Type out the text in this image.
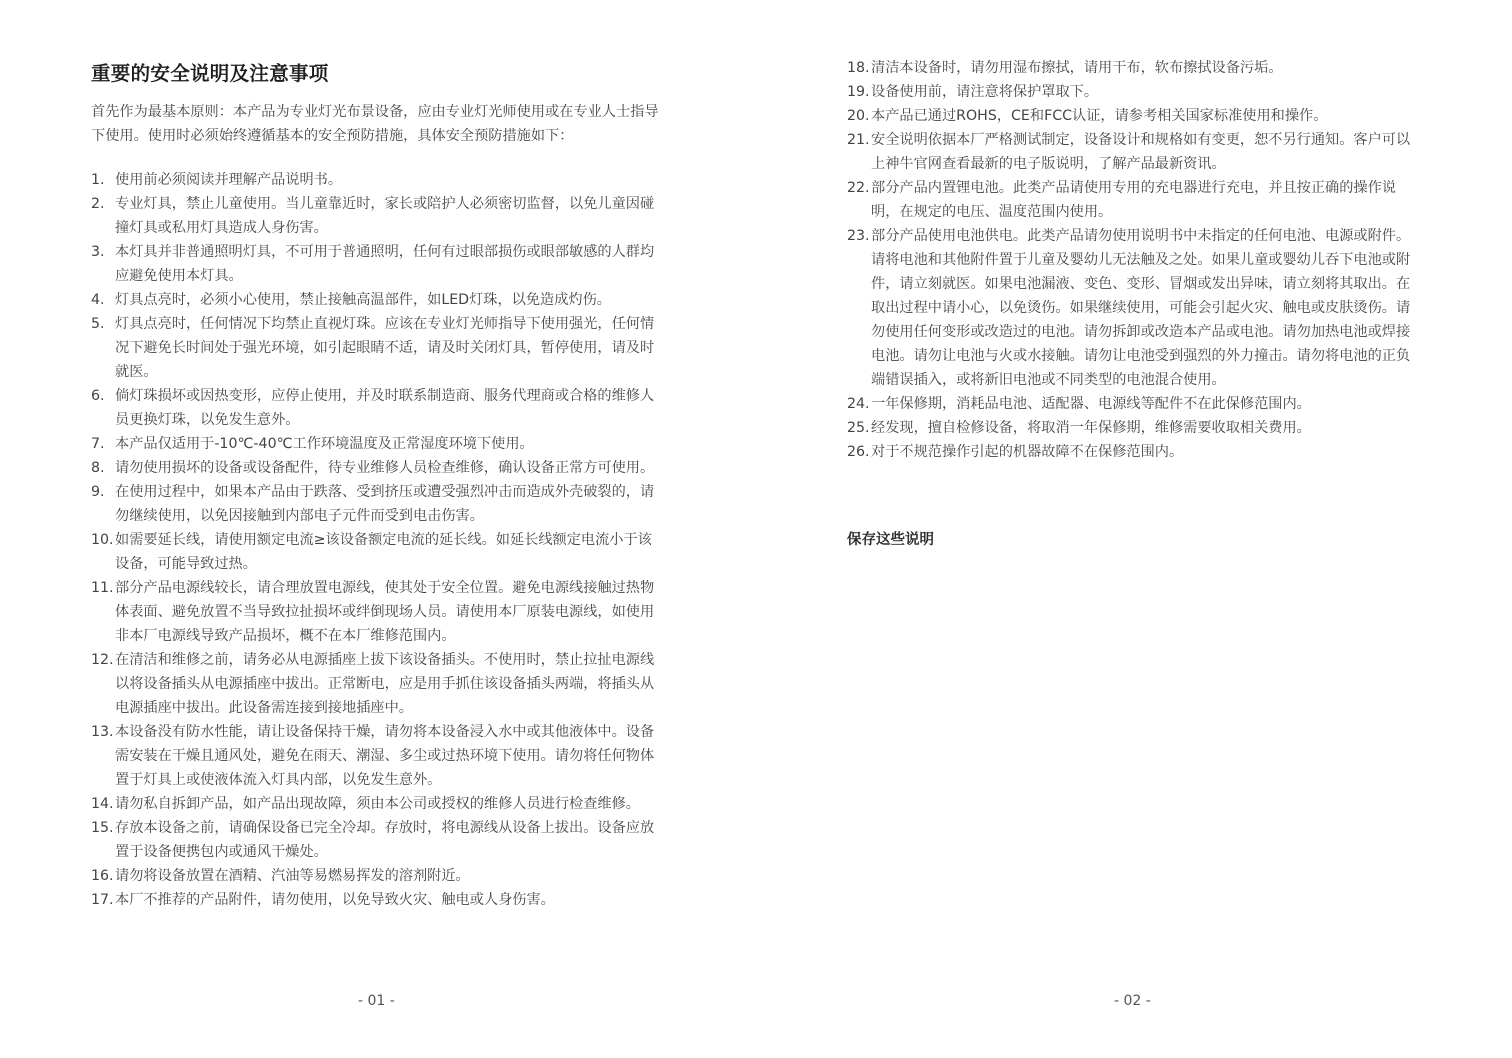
重要的安全说明及注意事项
首先作为最基本原则：本产品为专业灯光布景设备，应由专业灯光师使用或在专业人士指导下使用。使用时必须始终遵循基本的安全预防措施，具体安全预防措施如下：
1. 使用前必须阅读并理解产品说明书。
2. 专业灯具，禁止儿童使用。当儿童靠近时，家长或陪护人必须密切监督，以免儿童因碰撞灯具或私用灯具造成人身伤害。
3. 本灯具并非普通照明灯具，不可用于普通照明，任何有过眼部损伤或眼部敏感的人群均应避免使用本灯具。
4. 灯具点亮时，必须小心使用，禁止接触高温部件，如LED灯珠，以免造成灼伤。
5. 灯具点亮时，任何情况下均禁止直视灯珠。应该在专业灯光师指导下使用强光，任何情况下避免长时间处于强光环境，如引起眼睛不适，请及时关闭灯具，暂停使用，请及时就医。
6. 倘灯珠损坏或因热变形，应停止使用，并及时联系制造商、服务代理商或合格的维修人员更换灯珠，以免发生意外。
7. 本产品仅适用于-10℃-40℃工作环境温度及正常湿度环境下使用。
8. 请勿使用损坏的设备或设备配件，待专业维修人员检查维修，确认设备正常方可使用。
9. 在使用过程中，如果本产品由于跌落、受到挤压或遭受强烈冲击而造成外壳破裂的，请勿继续使用，以免因接触到内部电子元件而受到电击伤害。
10. 如需要延长线，请使用额定电流≥该设备额定电流的延长线。如延长线额定电流小于该设备，可能导致过热。
11. 部分产品电源线较长，请合理放置电源线，使其处于安全位置。避免电源线接触过热物体表面、避免放置不当导致拉扯损坏或绊倒现场人员。请使用本厂原装电源线，如使用非本厂电源线导致产品损坏，概不在本厂维修范围内。
12. 在清洁和维修之前，请务必从电源插座上拔下该设备插头。不使用时，禁止拉扯电源线以将设备插头从电源插座中拔出。正常断电，应是用手抓住该设备插头两端，将插头从电源插座中拔出。此设备需连接到接地插座中。
13. 本设备没有防水性能，请让设备保持干燥，请勿将本设备浸入水中或其他液体中。设备需安装在干燥且通风处，避免在雨天、潮湿、多尘或过热环境下使用。请勿将任何物体置于灯具上或使液体流入灯具内部，以免发生意外。
14. 请勿私自拆卸产品，如产品出现故障，须由本公司或授权的维修人员进行检查维修。
15. 存放本设备之前，请确保设备已完全冷却。存放时，将电源线从设备上拔出。设备应放置于设备便携包内或通风干燥处。
16. 请勿将设备放置在酒精、汽油等易燃易挥发的溶剂附近。
17. 本厂不推荐的产品附件，请勿使用，以免导致火灾、触电或人身伤害。
- 01 -
18. 清洁本设备时，请勿用湿布擦拭，请用干布，软布擦拭设备污垢。
19. 设备使用前，请注意将保护罩取下。
20. 本产品已通过ROHS，CE和FCC认证，请参考相关国家标准使用和操作。
21. 安全说明依据本厂严格测试制定，设备设计和规格如有变更，恕不另行通知。客户可以上神牛官网查看最新的电子版说明，了解产品最新资讯。
22. 部分产品内置锂电池。此类产品请使用专用的充电器进行充电，并且按正确的操作说明，在规定的电压、温度范围内使用。
23. 部分产品使用电池供电。此类产品请勿使用说明书中未指定的任何电池、电源或附件。请将电池和其他附件置于儿童及婴幼儿无法触及之处。如果儿童或婴幼儿吞下电池或附件，请立刻就医。如果电池漏液、变色、变形、冒烟或发出异味，请立刻将其取出。在取出过程中请小心，以免烫伤。如果继续使用，可能会引起火灾、触电或皮肤烫伤。请勿使用任何变形或改造过的电池。请勿拆卸或改造本产品或电池。请勿加热电池或焊接电池。请勿让电池与火或水接触。请勿让电池受到强烈的外力撞击。请勿将电池的正负端错误插入，或将新旧电池或不同类型的电池混合使用。
24. 一年保修期，消耗品电池、适配器、电源线等配件不在此保修范围内。
25. 经发现，擅自检修设备，将取消一年保修期，维修需要收取相关费用。
26. 对于不规范操作引起的机器故障不在保修范围内。
保存这些说明
- 02 -
